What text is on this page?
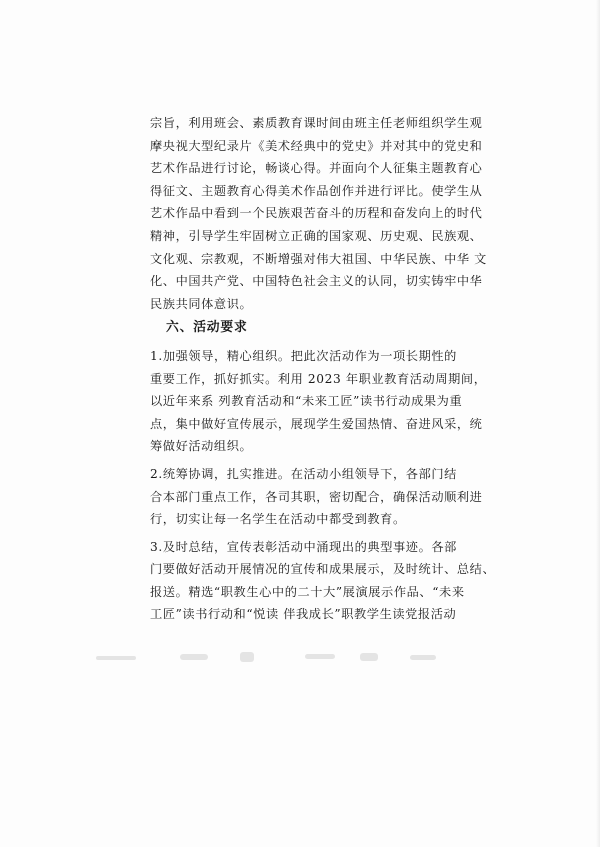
宗旨，利用班会、素质教育课时间由班主任老师组织学生观
摩央视大型纪录片《美术经典中的党史》并对其中的党史和
艺术作品进行讨论，畅谈心得。并面向个人征集主题教育心
得征文、主题教育心得美术作品创作并进行评比。使学生从
艺术作品中看到一个民族艰苦奋斗的历程和奋发向上的时代
精神，引导学生牢固树立正确的国家观、历史观、民族观、
文化观、宗教观，不断增强对伟大祖国、中华民族、中华 文
化、中国共产党、中国特色社会主义的认同，切实铸牢中华
民族共同体意识。

六、活动要求

1.加强领导，精心组织。把此次活动作为一项长期性的
重要工作，抓好抓实。利用 2023 年职业教育活动周期间，
以近年来系 列教育活动和“未来工匠”读书行动成果为重
点，集中做好宣传展示，展现学生爱国热情、奋进风采，统
筹做好活动组织。

2.统筹协调，扎实推进。在活动小组领导下，各部门结
合本部门重点工作，各司其职，密切配合，确保活动顺利进
行，切实让每一名学生在活动中都受到教育。

3.及时总结，宣传表彰活动中涌现出的典型事迹。各部
门要做好活动开展情况的宣传和成果展示，及时统计、总结、
报送。精选“职教生心中的二十大”展演展示作品、“未来
工匠”读书行动和“悦读 伴我成长”职教学生读党报活动
